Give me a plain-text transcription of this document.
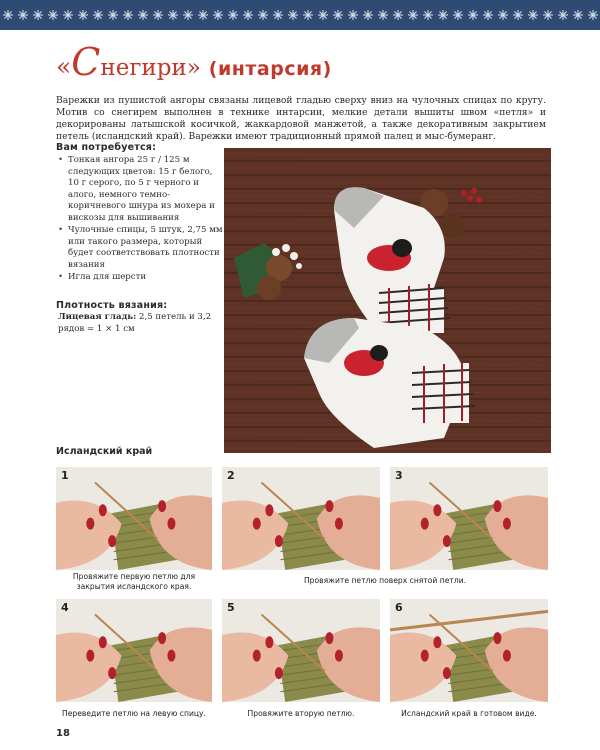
«Снегири» (интарсия)

Варежки из пушистой ангоры связаны лицевой гладью сверху вниз на чулочных спицах по кругу. Мотив со снегирем выполнен в технике интарсии, мелкие детали вышиты швом «петля» и декорированы латышской косичкой, жаккардовой манжетой, а также декоративным закрытием петель (исландский край). Варежки имеют традиционный прямой палец и мыс-бумеранг.

Вам потребуется:
• Тонкая ангора 25 г / 125 м следующих цветов: 15 г белого, 10 г серого, по 5 г черного и алого, немного темно-коричневого шнура из мохера и вискозы для вышивания
• Чулочные спицы, 5 штук, 2,75 мм или такого размера, который будет соответствовать плотности вязания
• Игла для шерсти
Плотность вязания:
Лицевая гладь: 2,5 петель и 3,2 рядов = 1 × 1 см
Исландский край
1	2	3
Провяжите первую петлю для закрытия исландского края.
Провяжите петлю поверх снятой петли.
4	5	6
Переведите петлю на левую спицу.	Провяжите вторую петлю.	Исландский край в готовом виде.
18
